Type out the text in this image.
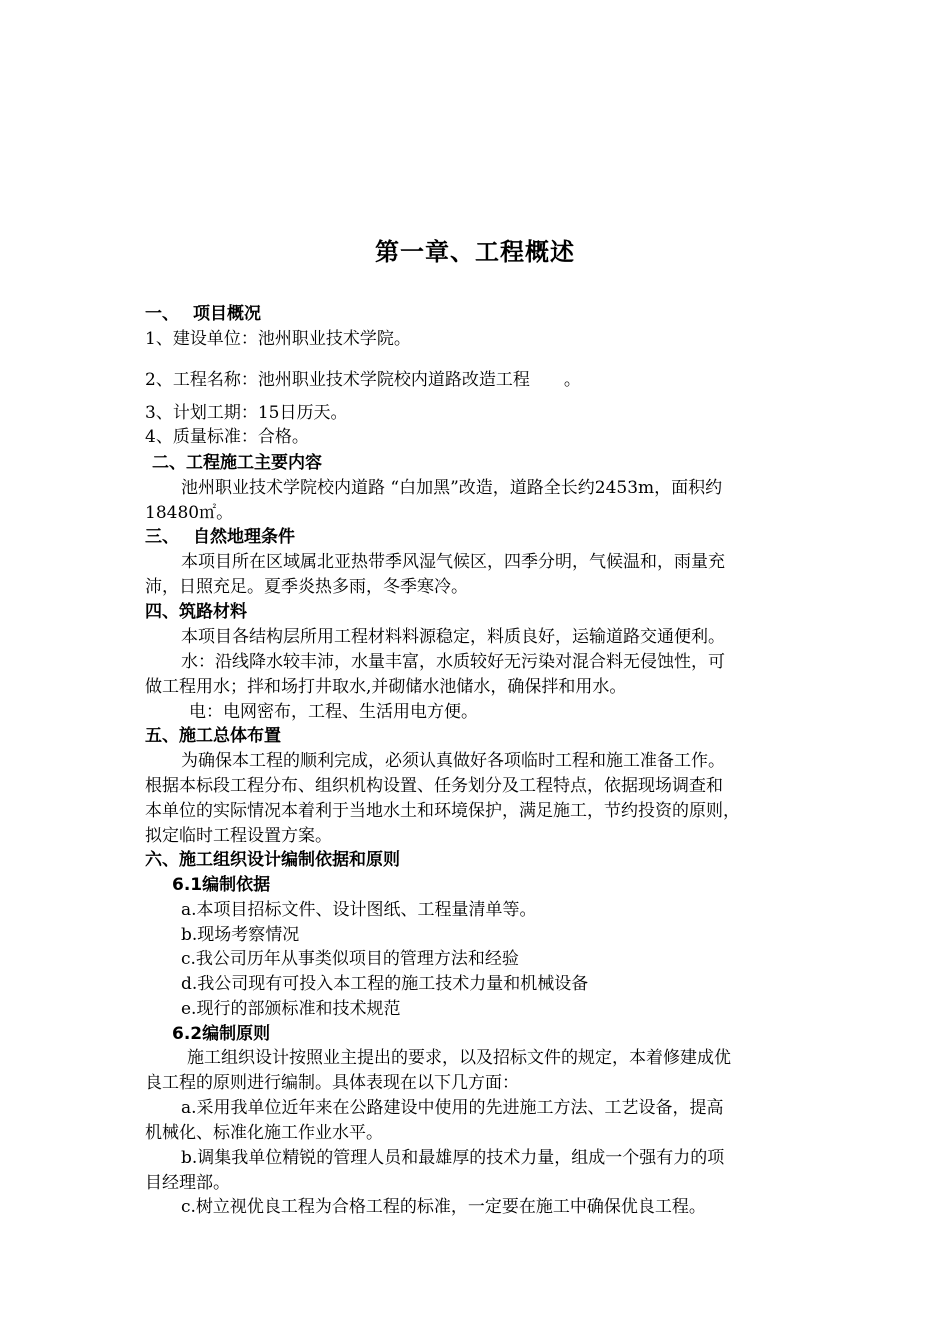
第一章、工程概述
一、 项目概况
1、建设单位：池州职业技术学院。
2、工程名称：池州职业技术学院校内道路改造工程 。
3、计划工期：15日历天。
4、质量标准：合格。
二、工程施工主要内容
池州职业技术学院校内道路 “白加黑”改造，道路全长约2453m，面积约
18480㎡。
三、 自然地理条件
本项目所在区域属北亚热带季风湿气候区，四季分明，气候温和，雨量充
沛，日照充足。夏季炎热多雨，冬季寒冷。
四、筑路材料
本项目各结构层所用工程材料料源稳定，料质良好，运输道路交通便利。
水：沿线降水较丰沛，水量丰富，水质较好无污染对混合料无侵蚀性，可
做工程用水；拌和场打井取水,并砌储水池储水，确保拌和用水。
电：电网密布，工程、生活用电方便。
五、施工总体布置
为确保本工程的顺利完成，必须认真做好各项临时工程和施工准备工作。
根据本标段工程分布、组织机构设置、任务划分及工程特点，依据现场调查和
本单位的实际情况本着利于当地水土和环境保护，满足施工，节约投资的原则，
拟定临时工程设置方案。
六、施工组织设计编制依据和原则
6.1编制依据
a.本项目招标文件、设计图纸、工程量清单等。
b.现场考察情况
c.我公司历年从事类似项目的管理方法和经验
d.我公司现有可投入本工程的施工技术力量和机械设备
e.现行的部颁标准和技术规范
6.2编制原则
施工组织设计按照业主提出的要求，以及招标文件的规定，本着修建成优
良工程的原则进行编制。具体表现在以下几方面：
a.采用我单位近年来在公路建设中使用的先进施工方法、工艺设备，提高
机械化、标准化施工作业水平。
b.调集我单位精锐的管理人员和最雄厚的技术力量，组成一个强有力的项
目经理部。
c.树立视优良工程为合格工程的标准，一定要在施工中确保优良工程。
